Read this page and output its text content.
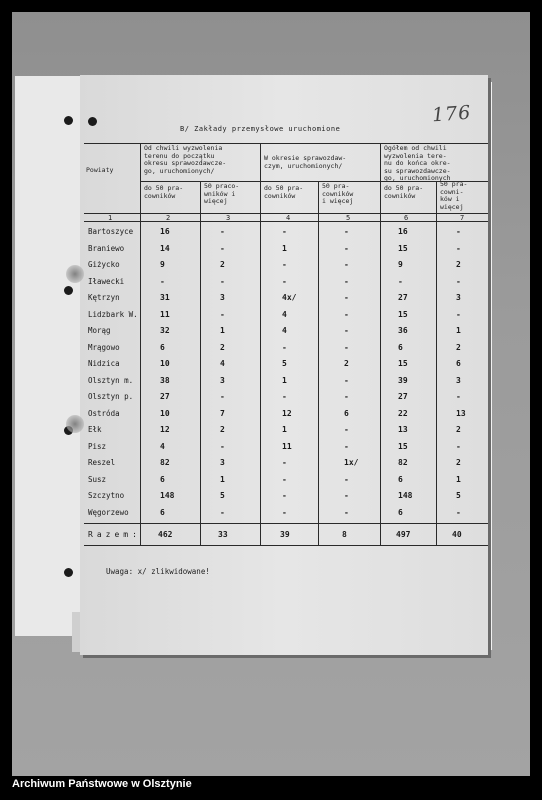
176
B/ Zakłady przemysłowe uruchomione
Powiaty
Od chwili wyzwolenia
terenu do początku
okresu sprawozdawcze-
go, uruchomionych/
W okresie sprawozdaw-
czym, uruchomionych/
Ogółem od chwili
wyzwolenia tere-
nu do końca okre-
su sprawozdawcze-
go, uruchomionych
do 50 pra-
cowników
50 praco-
wników i
więcej
do 50 pra-
cowników
50 pra-
cowników
i więcej
do 50 pra-
cowników
50 pra-
cowni-
ków i
więcej
1	2	3	4	5	6	7
Bartoszyce	16	-	-	-	16	-
Braniewo	14	-	1	-	15	-
Giżycko	9	2	-	-	9	2
Iławecki	-	-	-	-	-	-
Kętrzyn	31	3	4x/	-	27	3
Lidzbark W.	11	-	4	-	15	-
Morąg	32	1	4	-	36	1
Mrągowo	6	2	-	-	6	2
Nidzica	10	4	5	2	15	6
Olsztyn m.	38	3	1	-	39	3
Olsztyn p.	27	-	-	-	27	-
Ostróda	10	7	12	6	22	13
Ełk	12	2	1	-	13	2
Pisz	4	-	11	-	15	-
Reszel	82	3	-	1x/	82	2
Susz	6	1	-	-	6	1
Szczytno	148	5	-	-	148	5
Węgorzewo	6	-	-	-	6	-
Razem: 462	33	39	8	497	40
Uwaga: x/ zlikwidowane!
Archiwum Państwowe w Olsztynie
